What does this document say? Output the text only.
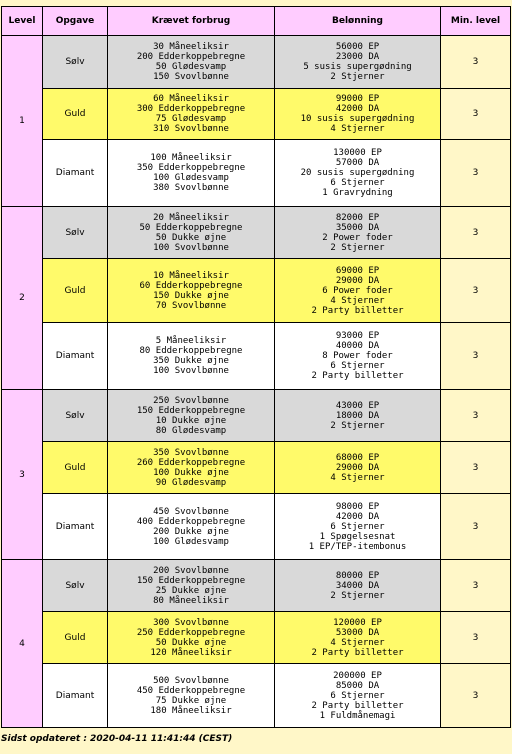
Level	Opgave	Krævet forbrug	Belønning	Min. level
1	Sølv	30 Måneeliksir
200 Edderkoppebregne
50 Glødesvamp
150 Svovlbønne	56000 EP
23000 DA
5 susis supergødning
2 Stjerner	3
	Guld	60 Måneeliksir
300 Edderkoppebregne
75 Glødesvamp
310 Svovlbønne	99000 EP
42000 DA
10 susis supergødning
4 Stjerner	3
	Diamant	100 Måneeliksir
350 Edderkoppebregne
100 Glødesvamp
380 Svovlbønne	130000 EP
57000 DA
20 susis supergødning
6 Stjerner
1 Gravrydning	3
2	Sølv	20 Måneeliksir
50 Edderkoppebregne
50 Dukke øjne
100 Svovlbønne	82000 EP
35000 DA
2 Power foder
2 Stjerner	3
	Guld	10 Måneeliksir
60 Edderkoppebregne
150 Dukke øjne
70 Svovlbønne	69000 EP
29000 DA
6 Power foder
4 Stjerner
2 Party billetter	3
	Diamant	5 Måneeliksir
80 Edderkoppebregne
350 Dukke øjne
100 Svovlbønne	93000 EP
40000 DA
8 Power foder
6 Stjerner
2 Party billetter	3
3	Sølv	250 Svovlbønne
150 Edderkoppebregne
10 Dukke øjne
80 Glødesvamp	43000 EP
18000 DA
2 Stjerner	3
	Guld	350 Svovlbønne
260 Edderkoppebregne
100 Dukke øjne
90 Glødesvamp	68000 EP
29000 DA
4 Stjerner	3
	Diamant	450 Svovlbønne
400 Edderkoppebregne
200 Dukke øjne
100 Glødesvamp	98000 EP
42000 DA
6 Stjerner
1 Spøgelsesnat
1 EP/TEP-itembonus	3
4	Sølv	200 Svovlbønne
150 Edderkoppebregne
25 Dukke øjne
80 Måneeliksir	80000 EP
34000 DA
2 Stjerner	3
	Guld	300 Svovlbønne
250 Edderkoppebregne
50 Dukke øjne
120 Måneeliksir	120000 EP
53000 DA
4 Stjerner
2 Party billetter	3
	Diamant	500 Svovlbønne
450 Edderkoppebregne
75 Dukke øjne
180 Måneeliksir	200000 EP
85000 DA
6 Stjerner
2 Party billetter
1 Fuldmånemagi	3
Sidst opdateret : 2020-04-11 11:41:44 (CEST)
